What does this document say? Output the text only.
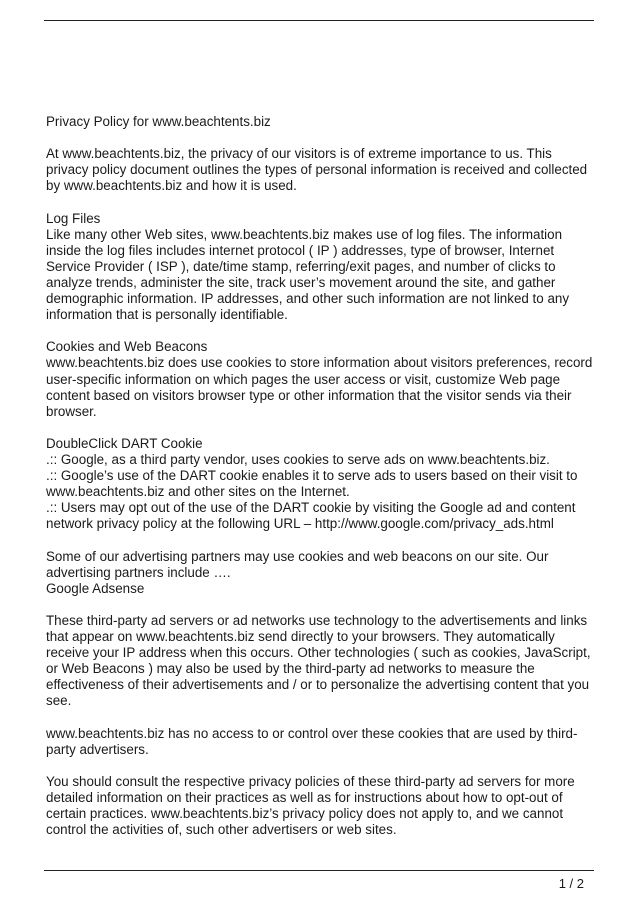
Privacy Policy for www.beachtents.biz

At www.beachtents.biz, the privacy of our visitors is of extreme importance to us. This privacy policy document outlines the types of personal information is received and collected by www.beachtents.biz and how it is used.

Log Files
Like many other Web sites, www.beachtents.biz makes use of log files. The information inside the log files includes internet protocol ( IP ) addresses, type of browser, Internet Service Provider ( ISP ), date/time stamp, referring/exit pages, and number of clicks to analyze trends, administer the site, track user’s movement around the site, and gather demographic information. IP addresses, and other such information are not linked to any information that is personally identifiable.

Cookies and Web Beacons
www.beachtents.biz does use cookies to store information about visitors preferences, record user-specific information on which pages the user access or visit, customize Web page content based on visitors browser type or other information that the visitor sends via their browser.

DoubleClick DART Cookie
.:: Google, as a third party vendor, uses cookies to serve ads on www.beachtents.biz.
.:: Google’s use of the DART cookie enables it to serve ads to users based on their visit to www.beachtents.biz and other sites on the Internet.
.:: Users may opt out of the use of the DART cookie by visiting the Google ad and content network privacy policy at the following URL – http://www.google.com/privacy_ads.html

Some of our advertising partners may use cookies and web beacons on our site. Our advertising partners include ….
Google Adsense

These third-party ad servers or ad networks use technology to the advertisements and links that appear on www.beachtents.biz send directly to your browsers. They automatically receive your IP address when this occurs. Other technologies ( such as cookies, JavaScript, or Web Beacons ) may also be used by the third-party ad networks to measure the effectiveness of their advertisements and / or to personalize the advertising content that you see.

www.beachtents.biz has no access to or control over these cookies that are used by third-party advertisers.

You should consult the respective privacy policies of these third-party ad servers for more detailed information on their practices as well as for instructions about how to opt-out of certain practices. www.beachtents.biz’s privacy policy does not apply to, and we cannot control the activities of, such other advertisers or web sites.

1 / 2
